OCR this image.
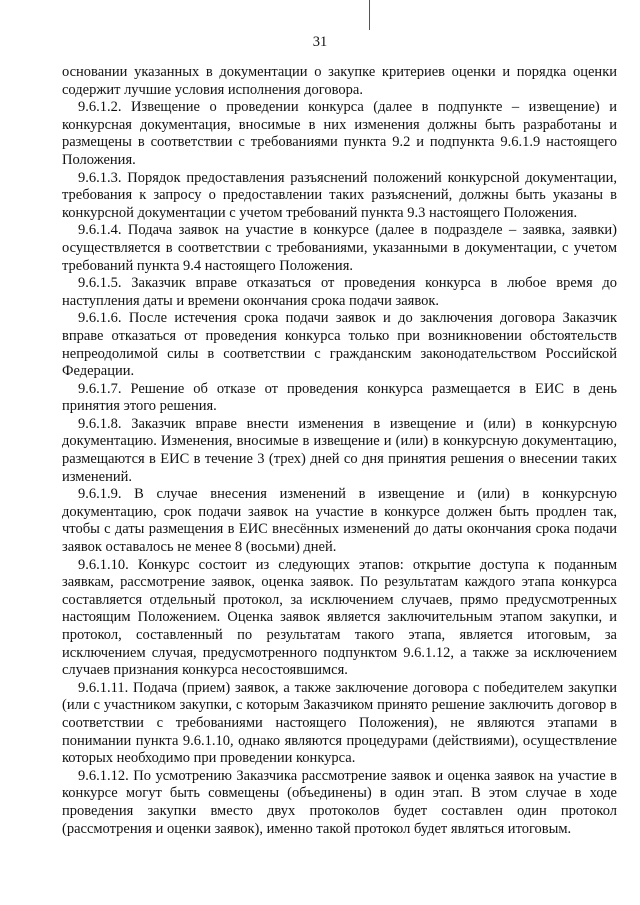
31

основании указанных в документации о закупке критериев оценки и порядка оценки содержит лучшие условия исполнения договора.

9.6.1.2. Извещение о проведении конкурса (далее в подпункте – извещение) и конкурсная документация, вносимые в них изменения должны быть разработаны и размещены в соответствии с требованиями пункта 9.2 и подпункта 9.6.1.9 настоящего Положения.

9.6.1.3. Порядок предоставления разъяснений положений конкурсной документации, требования к запросу о предоставлении таких разъяснений, должны быть указаны в конкурсной документации с учетом требований пункта 9.3 настоящего Положения.

9.6.1.4. Подача заявок на участие в конкурсе (далее в подразделе – заявка, заявки) осуществляется в соответствии с требованиями, указанными в документации, с учетом требований пункта 9.4 настоящего Положения.

9.6.1.5. Заказчик вправе отказаться от проведения конкурса в любое время до наступления даты и времени окончания срока подачи заявок.

9.6.1.6. После истечения срока подачи заявок и до заключения договора Заказчик вправе отказаться от проведения конкурса только при возникновении обстоятельств непреодолимой силы в соответствии с гражданским законодательством Российской Федерации.

9.6.1.7. Решение об отказе от проведения конкурса размещается в ЕИС в день принятия этого решения.

9.6.1.8. Заказчик вправе внести изменения в извещение и (или) в конкурсную документацию. Изменения, вносимые в извещение и (или) в конкурсную документацию, размещаются в ЕИС в течение 3 (трех) дней со дня принятия решения о внесении таких изменений.

9.6.1.9. В случае внесения изменений в извещение и (или) в конкурсную документацию, срок подачи заявок на участие в конкурсе должен быть продлен так, чтобы с даты размещения в ЕИС внесённых изменений до даты окончания срока подачи заявок оставалось не менее 8 (восьми) дней.

9.6.1.10. Конкурс состоит из следующих этапов: открытие доступа к поданным заявкам, рассмотрение заявок, оценка заявок. По результатам каждого этапа конкурса составляется отдельный протокол, за исключением случаев, прямо предусмотренных настоящим Положением. Оценка заявок является заключительным этапом закупки, и протокол, составленный по результатам такого этапа, является итоговым, за исключением случая, предусмотренного подпунктом 9.6.1.12, а также за исключением случаев признания конкурса несостоявшимся.

9.6.1.11. Подача (прием) заявок, а также заключение договора с победителем закупки (или с участником закупки, с которым Заказчиком принято решение заключить договор в соответствии с требованиями настоящего Положения), не являются этапами в понимании пункта 9.6.1.10, однако являются процедурами (действиями), осуществление которых необходимо при проведении конкурса.

9.6.1.12. По усмотрению Заказчика рассмотрение заявок и оценка заявок на участие в конкурсе могут быть совмещены (объединены) в один этап. В этом случае в ходе проведения закупки вместо двух протоколов будет составлен один протокол (рассмотрения и оценки заявок), именно такой протокол будет являться итоговым.
